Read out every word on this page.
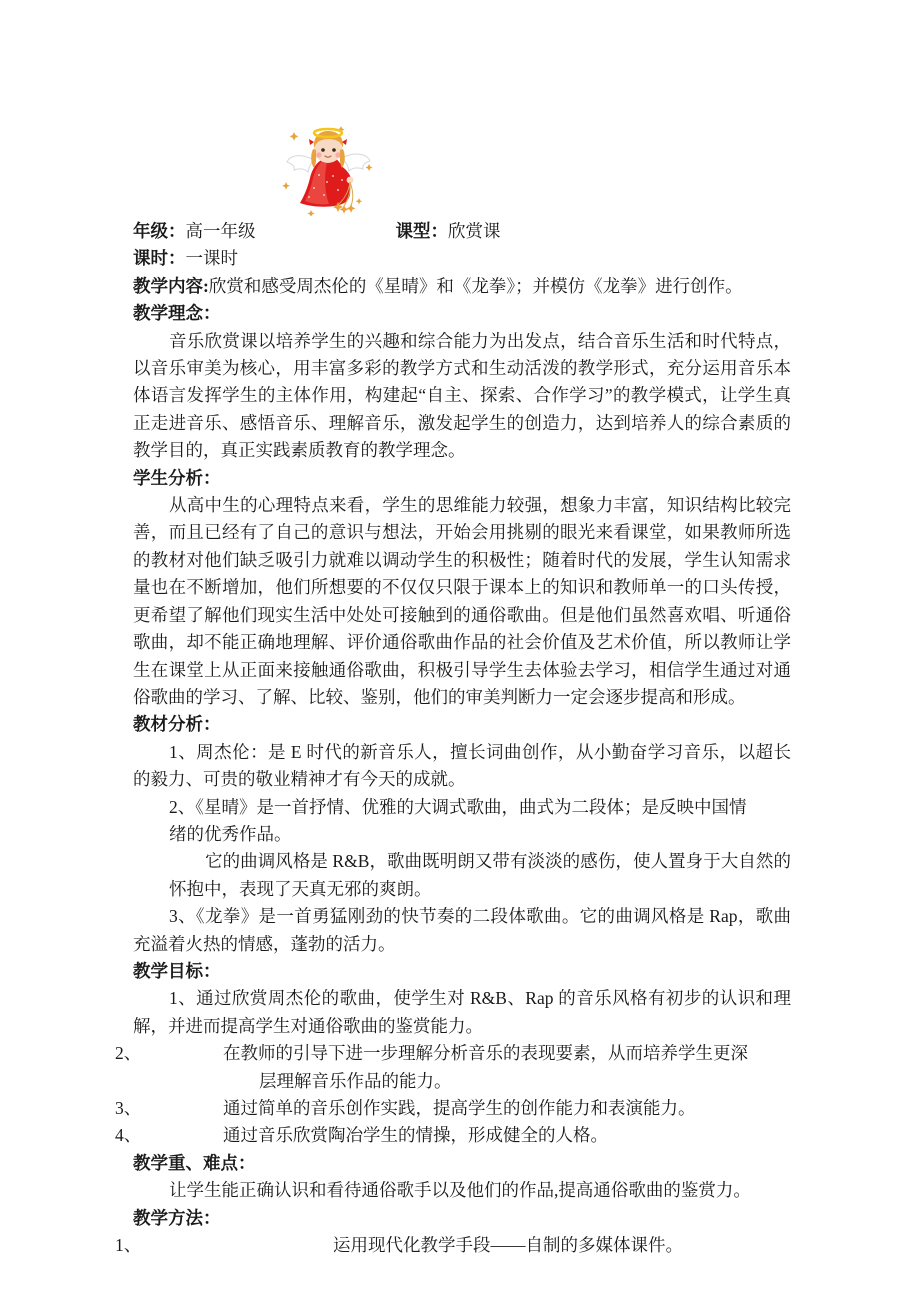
年级：高一年级	课型：欣赏课
课时：一课时
教学内容:欣赏和感受周杰伦的《星晴》和《龙拳》；并模仿《龙拳》进行创作。
教学理念：

音乐欣赏课以培养学生的兴趣和综合能力为出发点，结合音乐生活和时代特点，以音乐审美为核心，用丰富多彩的教学方式和生动活泼的教学形式，充分运用音乐本体语言发挥学生的主体作用，构建起“自主、探索、合作学习”的教学模式，让学生真正走进音乐、感悟音乐、理解音乐，激发起学生的创造力，达到培养人的综合素质的教学目的，真正实践素质教育的教学理念。

学生分析：

从高中生的心理特点来看，学生的思维能力较强，想象力丰富，知识结构比较完善，而且已经有了自己的意识与想法，开始会用挑剔的眼光来看课堂，如果教师所选的教材对他们缺乏吸引力就难以调动学生的积极性；随着时代的发展，学生认知需求量也在不断增加，他们所想要的不仅仅只限于课本上的知识和教师单一的口头传授，更希望了解他们现实生活中处处可接触到的通俗歌曲。但是他们虽然喜欢唱、听通俗歌曲，却不能正确地理解、评价通俗歌曲作品的社会价值及艺术价值，所以教师让学生在课堂上从正面来接触通俗歌曲，积极引导学生去体验去学习，相信学生通过对通俗歌曲的学习、了解、比较、鉴别，他们的审美判断力一定会逐步提高和形成。

教材分析：

1、周杰伦：是 E 时代的新音乐人，擅长词曲创作，从小勤奋学习音乐，以超长的毅力、可贵的敬业精神才有今天的成就。

2、《星晴》是一首抒情、优雅的大调式歌曲，曲式为二段体；是反映中国情

绪的优秀作品。

它的曲调风格是 R&B，歌曲既明朗又带有淡淡的感伤，使人置身于大自然的怀抱中，表现了天真无邪的爽朗。

3、《龙拳》是一首勇猛刚劲的快节奏的二段体歌曲。它的曲调风格是 Rap，歌曲充溢着火热的情感，蓬勃的活力。

教学目标：

1、通过欣赏周杰伦的歌曲，使学生对 R&B、Rap 的音乐风格有初步的认识和理解，并进而提高学生对通俗歌曲的鉴赏能力。

2、	在教师的引导下进一步理解分析音乐的表现要素，从而培养学生更深

层理解音乐作品的能力。

3、	通过简单的音乐创作实践，提高学生的创作能力和表演能力。

4、	通过音乐欣赏陶冶学生的情操，形成健全的人格。

教学重、难点：

让学生能正确认识和看待通俗歌手以及他们的作品,提高通俗歌曲的鉴赏力。

教学方法：

1、	运用现代化教学手段——自制的多媒体课件。
